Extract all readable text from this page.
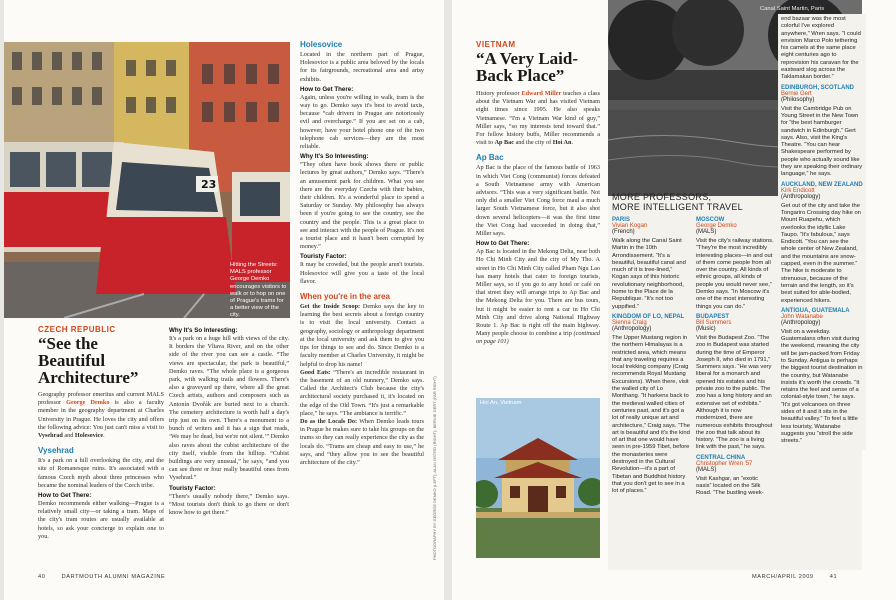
23
Hitting the Streets: MALS professor George Demko encourages visitors to walk or to hop on one of Prague's trams for a better view of the city.
CZECH REPUBLIC
“See the Beautiful Architecture”

Geography professor emeritus and current MALS professor George Demko is also a faculty member in the geography department at Charles University in Prague. He loves the city and offers the following advice: You just can't miss a visit to Vysehrad and Holesovice.

Vysehrad

It's a park on a hill overlooking the city, and the site of Romanesque ruins. It's associated with a famous Czech myth about three princesses who became the nominal leaders of the Czech tribe.

How to Get There:

Demko recommends either walking—Prague is a relatively small city—or taking a tram. Maps of the city's tram routes are usually available at hotels, so ask your concierge to explain one to you.

Why It's So Interesting:

It's a park on a huge hill with views of the city. It borders the Vltava River, and on the other side of the river you can see a castle. “The views are spectacular, the park is beautiful,” Demko raves. “The whole place is a gorgeous park, with walking trails and flowers. There's also a graveyard up there, where all the great Czech artists, authors and composers such as Antonín Dvořák are buried next to a church. The cemetery architecture is worth half a day's trip just on its own. There's a monument to a bunch of writers and it has a sign that reads, ‘We may be dead, but we're not silent.’” Demko also raves about the cubist architecture of the city itself, visible from the hilltop. “Cubist buildings are very unusual,” he says, “and you can see three or four really beautiful ones from Vysehrad.”

Touristy Factor:

“There's usually nobody there,” Demko says. “Most tourists don't think to go there or don't know how to get there.”

Holesovice

Located in the northern part of Prague, Holesovice is a public area beloved by the locals for its fairgrounds, recreational area and artsy exhibits.

How to Get There:

Again, unless you're willing to walk, tram is the way to go. Demko says it's best to avoid taxis, because “cab drivers in Prague are notoriously evil and overcharge.” If you are set on a cab, however, have your hotel phone one of the two telephone cab services—they are the most reliable.

Why It's So Interesting:

“They often have book shows there or public lectures by great authors,” Demko says. “There's an amusement park for children. What you see there are the everyday Czechs with their babies, their children. It's a wonderful place to spend a Saturday or Sunday. My philosophy has always been if you're going to see the country, see the country and the people. This is a great place to see and interact with the people of Prague. It's not a tourist place and it hasn't been corrupted by money.”

Touristy Factor:

It may be crowded, but the people aren't tourists. Holesovice will give you a taste of the local flavor.

When you're in the area

Get the Inside Scoop: Demko says the key to learning the best secrets about a foreign country is to visit the local university. Contact a geography, sociology or anthropology department at the local university and ask them to give you tips for things to see and do. Since Demko is a faculty member at Charles University, it might be helpful to drop his name!

Good Eats: “There's an incredible restaurant in the basement of an old nunnery,” Demko says. Called the Architect's Club because the city's architectural society purchased it, it's located on the edge of the Old Town. “It's just a remarkable place,” he says. “The ambiance is terrific.”

Do as the Locals Do: When Demko leads tours in Prague he makes sure to take his groups on the trams so they can really experience the city as the locals do. “Trams are cheap and easy to use,” he says, and “they allow you to see the beautiful architecture of the city.”	PHOTOGRAPHY BY GEORGE DEMKO (LEFT); ALAN OSTRO (RIGHT); BERNIE GERT (FAR RIGHT)
40	DARTMOUTH ALUMNI MAGAZINE
VIETNAM
“A Very Laid-Back Place”

History professor Edward Miller teaches a class about the Vietnam War and has visited Vietnam eight times since 1995. He also speaks Vietnamese. “I'm a Vietnam War kind of guy,” Miller says, “so my interests tend toward that.” For fellow history buffs, Miller recommends a visit to Ap Bac and the city of Hoi An.

Ap Bac

Ap Bac is the place of the famous battle of 1963 in which Viet Cong (communist) forces defeated a South Vietnamese army with American advisors. “This was a very significant battle. Not only did a smaller Viet Cong force maul a much larger South Vietnamese force, but it also shot down several helicopters—it was the first time the Viet Cong had succeeded in doing that,” Miller says.

How to Get There:

Ap Bac is located in the Mekong Delta, near both Ho Chi Minh City and the city of My Tho. A street in Ho Chi Minh City called Pham Ngu Lao has many hotels that cater to foreign tourists, Miller says, so if you go to any hotel or café on that street they will arrange trips to Ap Bac and the Mekong Delta for you. There are bus tours, but it might be easier to rent a car in Ho Chi Minh City and drive along National Highway Route 1. Ap Bac is right off the main highway. Many people choose to combine a trip (continued on page 101)

Hoi An, Vietnam
Canal Saint Martin, Paris
MORE PROFESSORS,
MORE INTELLIGENT TRAVEL
PARIS
Vivian Kogan
(French)

Walk along the Canal Saint Martin in the 10th Arrondissement. “It's a beautiful, beautiful canal and much of it is tree-lined,” Kogan says of this historic revolutionary neighborhood, home to the Place de la Republique. “It's not too yuppified.”

KINGDOM OF LO, NEPAL
Sienna Craig
(Anthropology)

The Upper Mustang region in the northern Himalayas is a restricted area, which means that any traveling requires a local trekking company (Craig recommends Royal Mustang Excursions). When there, visit the walled city of Lo Monthang. “It harkens back to the medieval walled cities of centuries past, and it's got a lot of really unique art and architecture,” Craig says. “The art is beautiful and it's the kind of art that one would have seen in pre-1959 Tibet, before the monasteries were destroyed in the Cultural Revolution—it's a part of Tibetan and Buddhist history that you don't get to see in a lot of places.”

MOSCOW
George Demko
(MALS)

Visit the city's railway stations. “They're the most incredibly interesting places—in and out of them come people from all over the country. All kinds of ethnic groups, all kinds of people you would never see,” Demko says. “In Moscow it's one of the most interesting things you can do.”

BUDAPEST
Bill Summers
(Music)

Visit the Budapest Zoo. “The zoo in Budapest was started during the time of Emperor Joseph II, who died in 1791,” Summers says. “He was very liberal for a monarch and opened his estates and his private zoo to the public. The zoo has a long history and an extensive set of exhibits.” Although it is now modernized, there are numerous exhibits throughout the zoo that talk about its history. “The zoo is a living link with the past,” he says.

CENTRAL CHINA
Christopher Wren '57
(MALS)

Visit Kashgar, an “exotic oasis” located on the Silk Road. “The bustling week-

end bazaar was the most colorful I've explored anywhere,” Wren says. “I could envision Marco Polo tethering his camels at the same place eight centuries ago to reprovision his caravan for the eastward slog across the Taklamakan border.”

EDINBURGH, SCOTLAND
Bernie Gert
(Philosophy)

Visit the Cambridge Pub on Young Street in the New Town for “the best hamburger sandwich in Edinburgh,” Gert says. Also, visit the King's Theatre. “You can hear Shakespeare performed by people who actually sound like they are speaking their ordinary language,” he says.

AUCKLAND, NEW ZEALAND
Kirk Endicott
(Anthropology)

Get out of the city and take the Tongariro Crossing day hike on Mount Ruapehu, which overlooks the idyllic Lake Taupo. “It's fabulous,” says Endicott. “You can see the whole center of New Zealand, and the mountains are snow-capped, even in the summer.” The hike is moderate to strenuous, because of the terrain and the length, so it's best suited for able-bodied, experienced hikers.

ANTIGUA, GUATEMALA
John Watanabe
(Anthropology)

Visit on a weekday. Guatemalans often visit during the weekend, meaning the city will be jam-packed from Friday to Sunday. Antigua is perhaps the biggest tourist destination in the country, but Watanabe insists it's worth the crowds. “It retains the feel and sense of a colonial-style town,” he says. “It's got volcanoes on three sides of it and it sits in the beautiful valley.” To feel a little less touristy, Watanabe suggests you “stroll the side streets.”

MARCH/APRIL 2009	41
